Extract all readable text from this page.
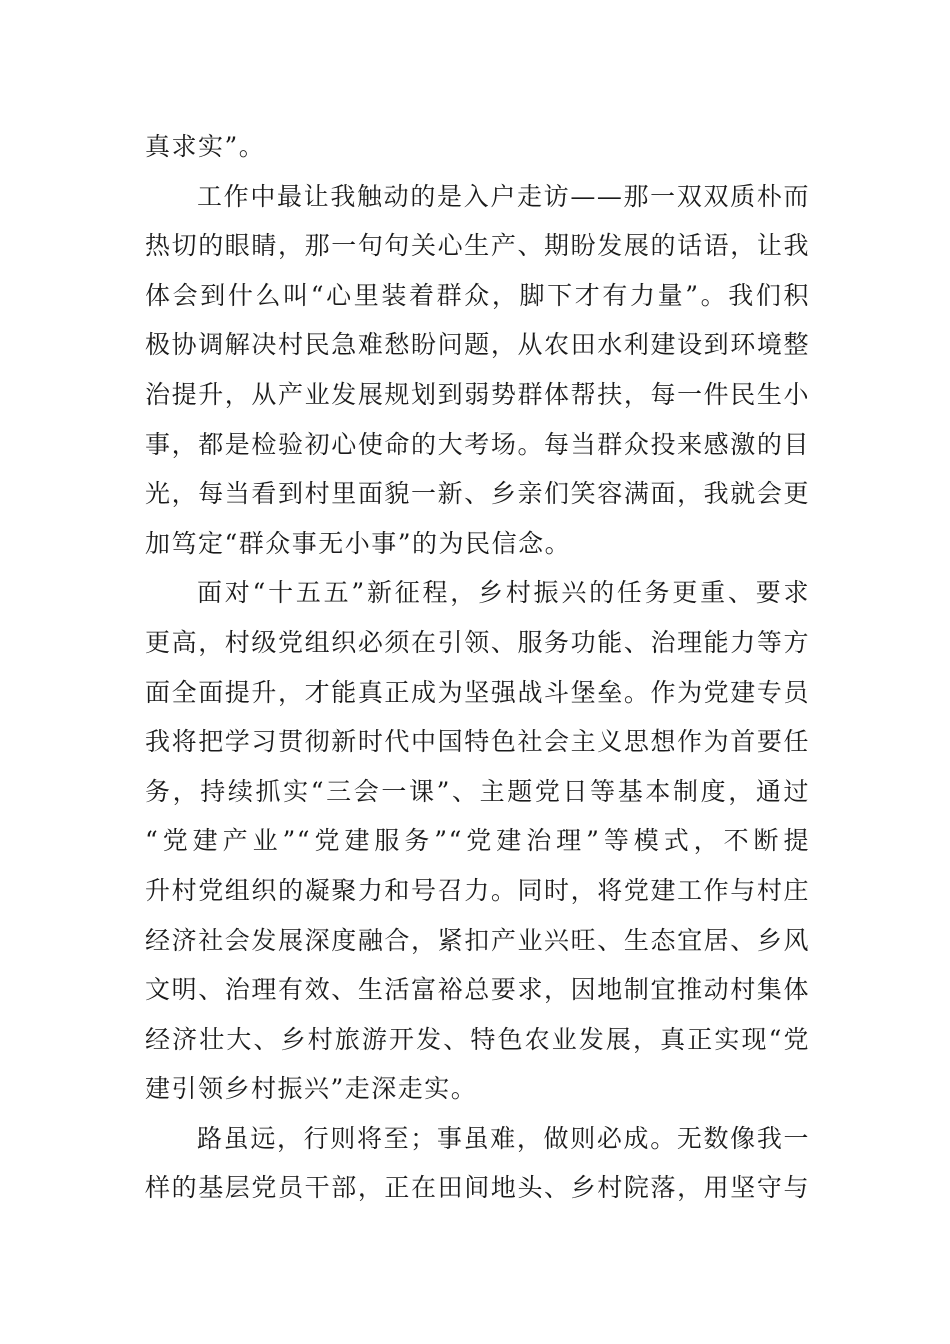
真求实”。
工作中最让我触动的是入户走访——那一双双质朴而
热切的眼睛，那一句句关心生产、期盼发展的话语，让我
体会到什么叫“心里装着群众，脚下才有力量”。我们积
极协调解决村民急难愁盼问题，从农田水利建设到环境整
治提升，从产业发展规划到弱势群体帮扶，每一件民生小
事，都是检验初心使命的大考场。每当群众投来感激的目
光，每当看到村里面貌一新、乡亲们笑容满面，我就会更
加笃定“群众事无小事”的为民信念。
面对“十五五”新征程，乡村振兴的任务更重、要求
更高，村级党组织必须在引领、服务功能、治理能力等方
面全面提升，才能真正成为坚强战斗堡垒。作为党建专员
我将把学习贯彻新时代中国特色社会主义思想作为首要任
务，持续抓实“三会一课”、主题党日等基本制度，通过
“党建产业”“党建服务”“党建治理”等模式，不断提
升村党组织的凝聚力和号召力。同时，将党建工作与村庄
经济社会发展深度融合，紧扣产业兴旺、生态宜居、乡风
文明、治理有效、生活富裕总要求，因地制宜推动村集体
经济壮大、乡村旅游开发、特色农业发展，真正实现“党
建引领乡村振兴”走深走实。
路虽远，行则将至；事虽难，做则必成。无数像我一
样的基层党员干部，正在田间地头、乡村院落，用坚守与
